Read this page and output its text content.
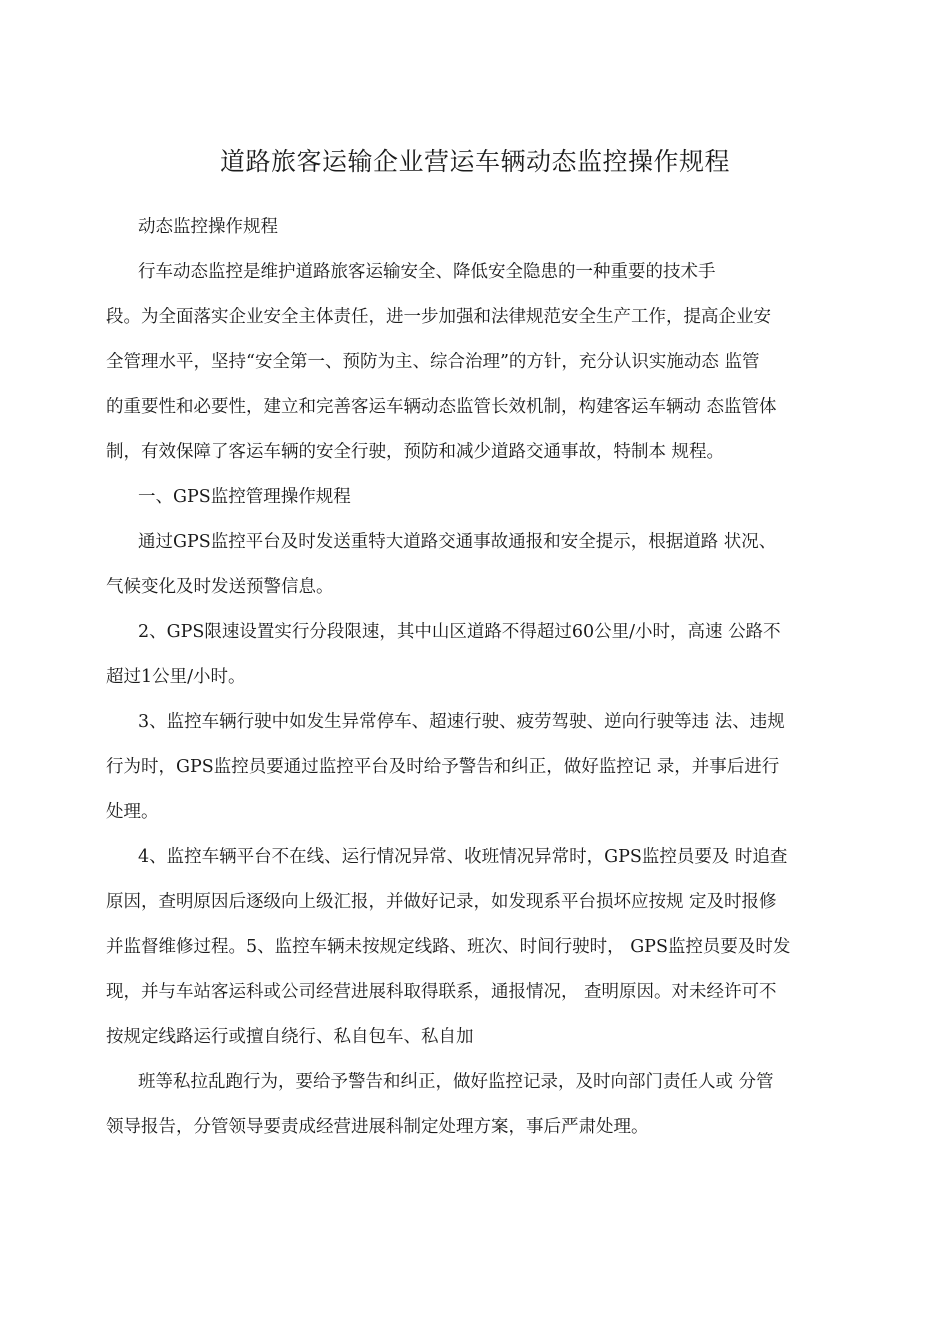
道路旅客运输企业营运车辆动态监控操作规程
动态监控操作规程
行车动态监控是维护道路旅客运输安全、降低安全隐患的一种重要的技术手
段。为全面落实企业安全主体责任，进一步加强和法律规范安全生产工作，提高企业安
全管理水平，坚持“安全第一、预防为主、综合治理”的方针，充分认识实施动态 监管
的重要性和必要性，建立和完善客运车辆动态监管长效机制，构建客运车辆动 态监管体
制，有效保障了客运车辆的安全行驶，预防和减少道路交通事故，特制本 规程。
一、GPS监控管理操作规程
通过GPS监控平台及时发送重特大道路交通事故通报和安全提示，根据道路 状况、
气候变化及时发送预警信息。
2、GPS限速设置实行分段限速，其中山区道路不得超过60公里/小时，高速 公路不
超过1公里/小时。
3、监控车辆行驶中如发生异常停车、超速行驶、疲劳驾驶、逆向行驶等违 法、违规
行为时，GPS监控员要通过监控平台及时给予警告和纠正，做好监控记 录，并事后进行
处理。
4、监控车辆平台不在线、运行情况异常、收班情况异常时，GPS监控员要及 时追查
原因，查明原因后逐级向上级汇报，并做好记录，如发现系平台损坏应按规 定及时报修
并监督维修过程。5、监控车辆未按规定线路、班次、时间行驶时， GPS监控员要及时发
现，并与车站客运科或公司经营进展科取得联系，通报情况， 查明原因。对未经许可不
按规定线路运行或擅自绕行、私自包车、私自加
班等私拉乱跑行为，要给予警告和纠正，做好监控记录，及时向部门责任人或 分管
领导报告，分管领导要责成经营进展科制定处理方案，事后严肃处理。
